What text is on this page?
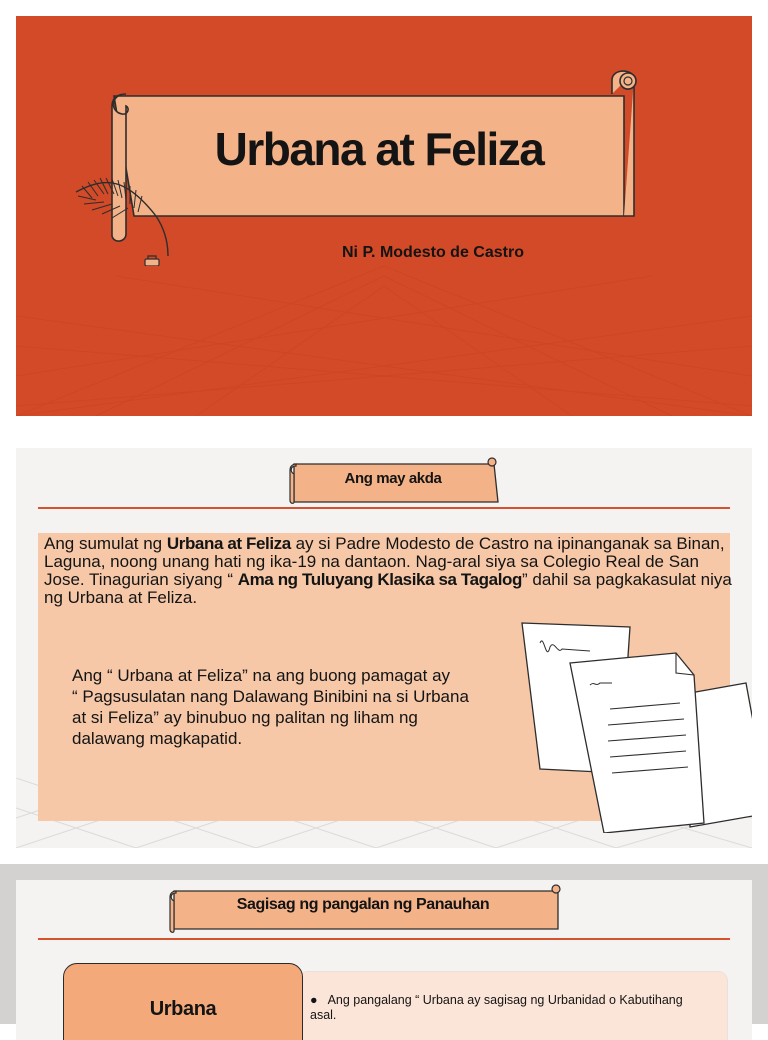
Urbana at Feliza
Ni P. Modesto de Castro
Ang may akda
Ang sumulat ng Urbana at Feliza ay si Padre Modesto de Castro na ipinanganak sa Binan, Laguna, noong unang hati ng ika-19 na dantaon. Nag-aral siya sa Colegio Real de San Jose. Tinagurian siyang “ Ama ng Tuluyang Klasika sa Tagalog” dahil sa pagkakasulat niya ng Urbana at Feliza.
Ang “ Urbana at Feliza” na ang buong pamagat ay
“ Pagsusulatan nang Dalawang Binibini na si Urbana
at si Feliza” ay binubuo ng palitan ng liham ng
dalawang magkapatid.
Sagisag ng pangalan ng Panauhan
Urbana	● Ang pangalang “ Urbana ay sagisag ng Urbanidad o Kabutihang asal.
